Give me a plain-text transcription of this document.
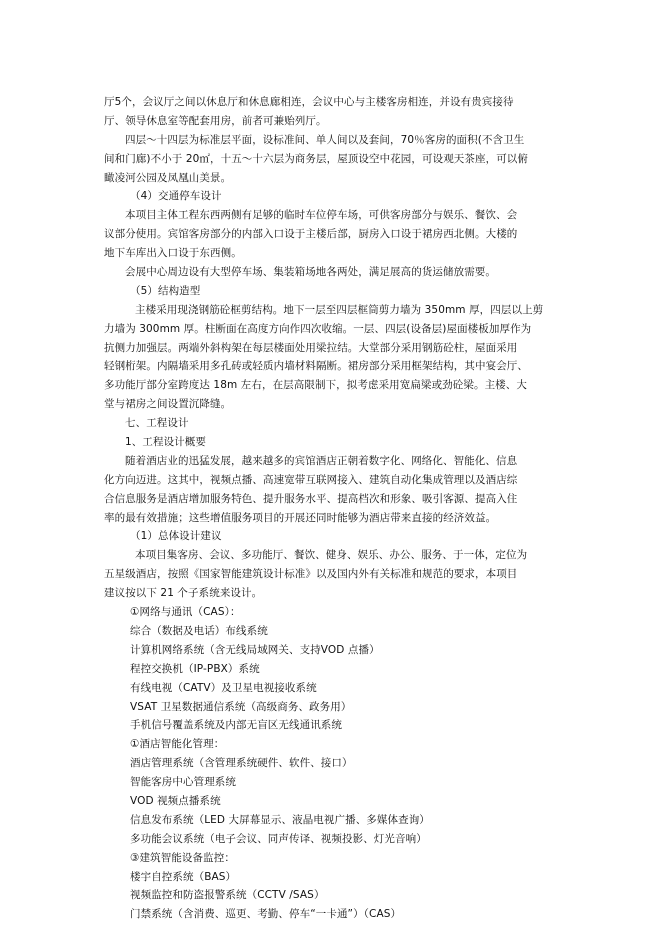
厅5个，会议厅之间以休息厅和休息廊相连，会议中心与主楼客房相连，并设有贵宾接待
厅、领导休息室等配套用房，前者可兼贻列厅。
四层～十四层为标准层平面，设标准间、单人间以及套间，70％客房的面积(不含卫生
间和门廊)不小于 20㎡，十五～十六层为商务层，屋顶设空中花园，可设观天茶座，可以俯
瞰凌河公园及凤凰山美景。
（4）交通停车设计
本项目主体工程东西两侧有足够的临时车位停车场，可供客房部分与娱乐、餐饮、会
议部分使用。宾馆客房部分的内部入口设于主楼后部，厨房入口设于裙房西北侧。大楼的
地下车库出入口设于东西侧。
会展中心周边设有大型停车场、集装箱场地各两处，满足展高的货运储放需要。
（5）结构造型
主楼采用现浇钢筋砼框剪结构。地下一层至四层框筒剪力墙为 350mm 厚，四层以上剪
力墙为 300mm 厚。柱断面在高度方向作四次收缩。一层、四层(设备层)屋面楼板加厚作为
抗侧力加强层。两端外斜构架在每层楼面处用梁拉结。大堂部分采用钢筋砼柱，屋面采用
轻钢桁架。内隔墙采用多孔砖或轻质内墙材料隔断。裙房部分采用框架结构，其中宴会厅、
多功能厅部分室跨度达 18m 左右，在层高限制下，拟考虑采用宽扁梁或劲砼梁。主楼、大
堂与裙房之间设置沉降缝。
七、工程设计
1、工程设计概要
随着酒店业的迅猛发展，越来越多的宾馆酒店正朝着数字化、网络化、智能化、信息
化方向迈进。这其中，视频点播、高速宽带互联网接入、建筑自动化集成管理以及酒店综
合信息服务是酒店增加服务特色、提升服务水平、提高档次和形象、吸引客源、提高入住
率的最有效措施；这些增值服务项目的开展还同时能够为酒店带来直接的经济效益。
（1）总体设计建议
本项目集客房、会议、多功能厅、餐饮、健身、娱乐、办公、服务、于一体，定位为
五星级酒店，按照《国家智能建筑设计标准》以及国内外有关标准和规范的要求，本项目
建议按以下 21 个子系统来设计。
①网络与通讯（CAS）：
综合（数据及电话）布线系统
计算机网络系统（含无线局域网关、支持VOD 点播）
程控交换机（IP-PBX）系统
有线电视（CATV）及卫星电视接收系统
VSAT 卫星数据通信系统（高级商务、政务用）
手机信号覆盖系统及内部无盲区无线通讯系统
①酒店智能化管理：
酒店管理系统（含管理系统硬件、软件、接口）
智能客房中心管理系统
VOD 视频点播系统
信息发布系统（LED 大屏幕显示、液晶电视广播、多媒体查询）
多功能会议系统（电子会议、同声传译、视频投影、灯光音响）
③建筑智能设备监控：
楼宇自控系统（BAS）
视频监控和防盗报警系统（CCTV /SAS）
门禁系统（含消费、巡更、考勤、停车“一卡通”）（CAS）
